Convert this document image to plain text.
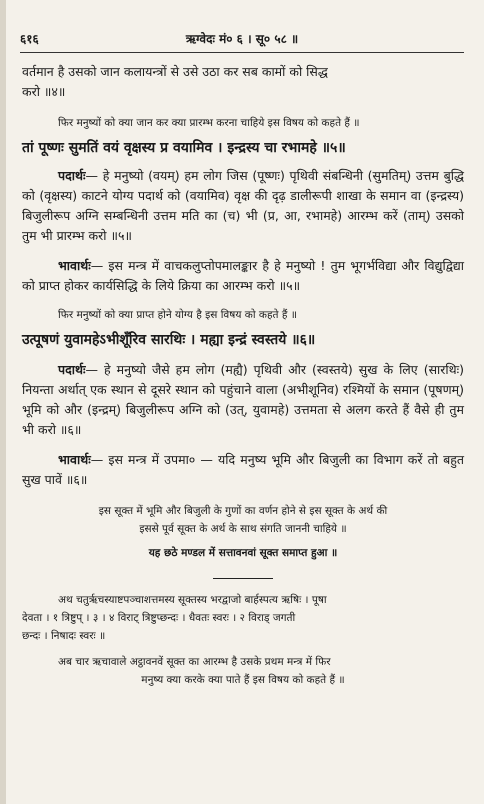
ऋग्वेदः मं० ६ । सू० ५८ ॥
६१६

वर्तमान है उसको जान कलायन्त्रों से उसे उठा कर सब कामों को सिद्ध

करो ॥४॥

फिर मनुष्यों को क्या जान कर क्या प्रारम्भ करना चाहिये इस विषय को कहते हैं ॥

तां पूष्णः सुमतिं वयं वृक्षस्य प्र वयामिव । इन्द्रस्य चा रभामहे ॥५॥

पदार्थः— हे मनुष्यो (वयम्) हम लोग जिस (पूष्णः) पृथिवी संबन्धिनी (सुमतिम्) उत्तम बुद्धि को (वृक्षस्य) काटने योग्य पदार्थ को (वयामिव) वृक्ष की दृढ़ डालीरूपी शाखा के समान वा (इन्द्रस्य) बिजुलीरूप अग्नि सम्बन्धिनी उत्तम मति का (च) भी (प्र, आ, रभामहे) आरम्भ करें (ताम्) उसको तुम भी प्रारम्भ करो ॥५॥

भावार्थः— इस मन्त्र में वाचकलुप्तोपमालङ्कार है हे मनुष्यो ! तुम भूगर्भविद्या और विद्युद्विद्या को प्राप्त होकर कार्यसिद्धि के लिये क्रिया का आरम्भ करो ॥५॥

फिर मनुष्यों को क्या प्राप्त होने योग्य है इस विषय को कहते हैं ॥

उत्पूषणं युवामहेऽभीशूँरिव सारथिः । मह्या इन्द्रं स्वस्तये ॥६॥

पदार्थः— हे मनुष्यो जैसे हम लोग (मह्यै) पृथिवी और (स्वस्तये) सुख के लिए (सारथिः) नियन्ता अर्थात् एक स्थान से दूसरे स्थान को पहुंचाने वाला (अभीशूनिव) रश्मियों के समान (पूषणम्) भूमि को और (इन्द्रम्) बिजुलीरूप अग्नि को (उत्, युवामहे) उत्तमता से अलग करते हैं वैसे ही तुम भी करो ॥६॥

भावार्थः— इस मन्त्र में उपमा० — यदि मनुष्य भूमि और बिजुली का विभाग करें तो बहुत सुख पावें ॥६॥

इस सूक्त में भूमि और बिजुली के गुणों का वर्णन होने से इस सूक्त के अर्थ की

इससे पूर्व सूक्त के अर्थ के साथ संगति जाननी चाहिये ॥

यह छठे मण्डल में सत्तावनवां सूक्त समाप्त हुआ ॥

अथ चतुर्ऋचस्याष्टपञ्चाशत्तमस्य सूक्तस्य भरद्वाजो बार्हस्पत्य ऋषिः । पूषा

देवता । १ त्रिष्टुप् । ३ । ४ विराट् त्रिष्टुप्छन्दः । धैवतः स्वरः । २ विराड् जगती

छन्दः । निषादः स्वरः ॥

अब चार ऋचावाले अट्ठावनवें सूक्त का आरम्भ है उसके प्रथम मन्त्र में फिर

मनुष्य क्या करके क्या पाते हैं इस विषय को कहते हैं ॥
